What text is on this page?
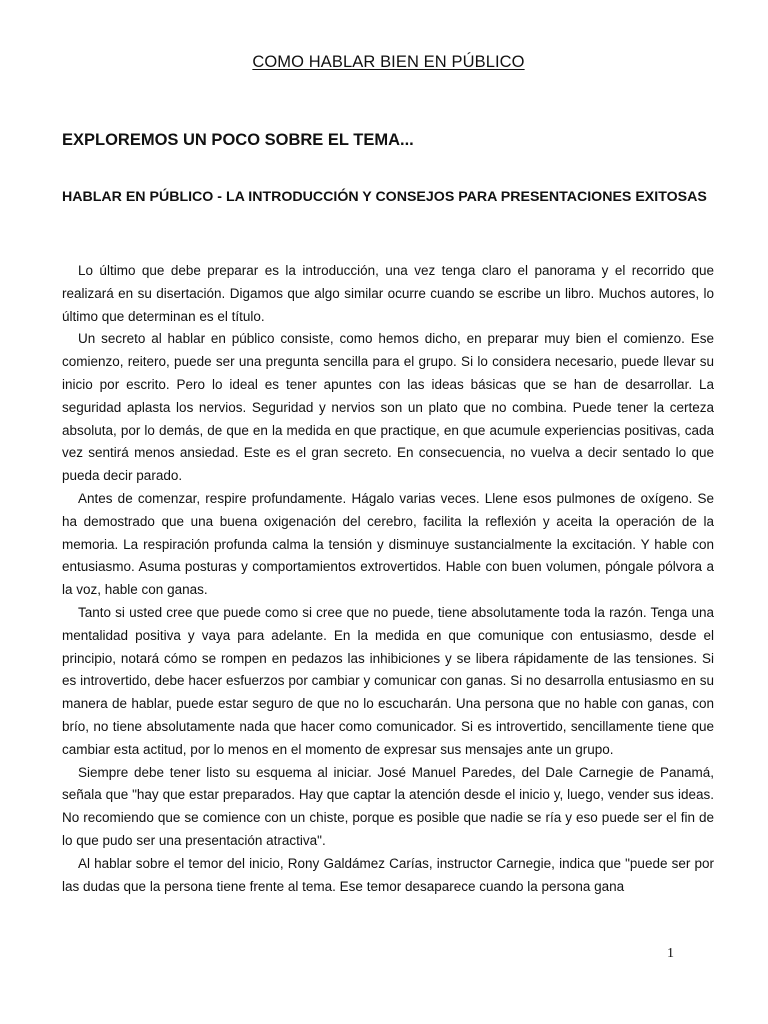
COMO HABLAR BIEN EN PÚBLICO
EXPLOREMOS UN POCO SOBRE EL TEMA...
HABLAR EN PÚBLICO - LA INTRODUCCIÓN Y CONSEJOS PARA PRESENTACIONES EXITOSAS

Lo último que debe preparar es la introducción, una vez tenga claro el panorama y el recorrido que realizará en su disertación. Digamos que algo similar ocurre cuando se escribe un libro. Muchos autores, lo último que determinan es el título.

Un secreto al hablar en público consiste, como hemos dicho, en preparar muy bien el comienzo. Ese comienzo, reitero, puede ser una pregunta sencilla para el grupo. Si lo considera necesario, puede llevar su inicio por escrito. Pero lo ideal es tener apuntes con las ideas básicas que se han de desarrollar. La seguridad aplasta los nervios. Seguridad y nervios son un plato que no combina. Puede tener la certeza absoluta, por lo demás, de que en la medida en que practique, en que acumule experiencias positivas, cada vez sentirá menos ansiedad. Este es el gran secreto. En consecuencia, no vuelva a decir sentado lo que pueda decir parado.

Antes de comenzar, respire profundamente. Hágalo varias veces. Llene esos pulmones de oxígeno. Se ha demostrado que una buena oxigenación del cerebro, facilita la reflexión y aceita la operación de la memoria. La respiración profunda calma la tensión y disminuye sustancialmente la excitación. Y hable con entusiasmo. Asuma posturas y comportamientos extrovertidos. Hable con buen volumen, póngale pólvora a la voz, hable con ganas.

Tanto si usted cree que puede como si cree que no puede, tiene absolutamente toda la razón. Tenga una mentalidad positiva y vaya para adelante. En la medida en que comunique con entusiasmo, desde el principio, notará cómo se rompen en pedazos las inhibiciones y se libera rápidamente de las tensiones. Si es introvertido, debe hacer esfuerzos por cambiar y comunicar con ganas. Si no desarrolla entusiasmo en su manera de hablar, puede estar seguro de que no lo escucharán. Una persona que no hable con ganas, con brío, no tiene absolutamente nada que hacer como comunicador. Si es introvertido, sencillamente tiene que cambiar esta actitud, por lo menos en el momento de expresar sus mensajes ante un grupo.

Siempre debe tener listo su esquema al iniciar. José Manuel Paredes, del Dale Carnegie de Panamá, señala que "hay que estar preparados. Hay que captar la atención desde el inicio y, luego, vender sus ideas. No recomiendo que se comience con un chiste, porque es posible que nadie se ría y eso puede ser el fin de lo que pudo ser una presentación atractiva".

Al hablar sobre el temor del inicio, Rony Galdámez Carías, instructor Carnegie, indica que "puede ser por las dudas que la persona tiene frente al tema. Ese temor desaparece cuando la persona gana

1
